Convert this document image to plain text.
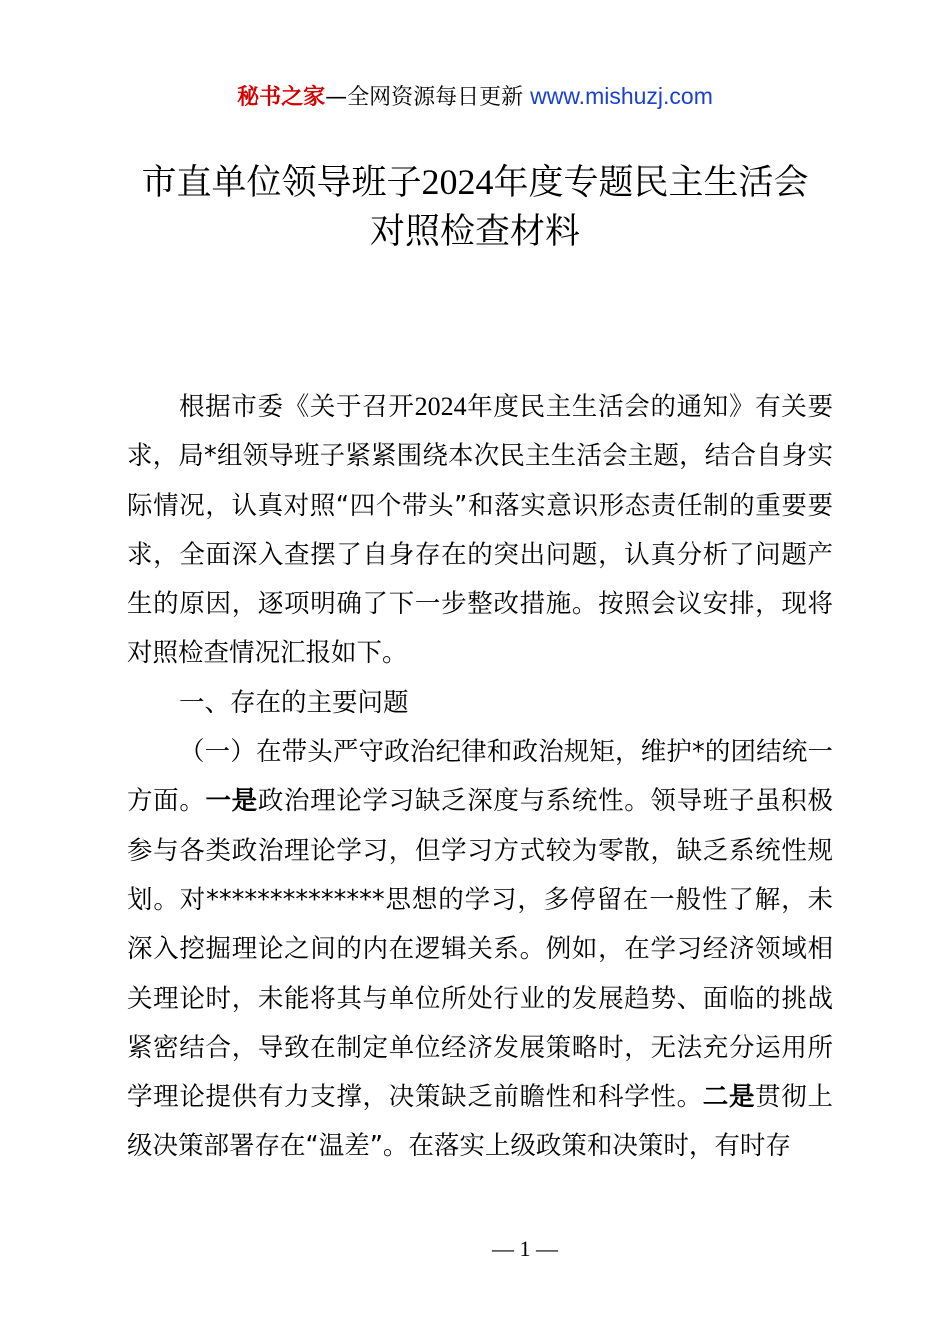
秘书之家—全网资源每日更新 www.mishuzj.com
市直单位领导班子2024年度专题民主生活会
对照检查材料

根据市委《关于召开2024年度民主生活会的通知》有关要求，局*组领导班子紧紧围绕本次民主生活会主题，结合自身实际情况，认真对照“四个带头”和落实意识形态责任制的重要要求，全面深入查摆了自身存在的突出问题，认真分析了问题产生的原因，逐项明确了下一步整改措施。按照会议安排，现将对照检查情况汇报如下。

一、存在的主要问题

（一）在带头严守政治纪律和政治规矩，维护*的团结统一方面。一是政治理论学习缺乏深度与系统性。领导班子虽积极参与各类政治理论学习，但学习方式较为零散，缺乏系统性规划。对**************思想的学习，多停留在一般性了解，未深入挖掘理论之间的内在逻辑关系。例如，在学习经济领域相关理论时，未能将其与单位所处行业的发展趋势、面临的挑战紧密结合，导致在制定单位经济发展策略时，无法充分运用所学理论提供有力支撑，决策缺乏前瞻性和科学性。二是贯彻上级决策部署存在“温差”。在落实上级政策和决策时，有时存

— 1 —
